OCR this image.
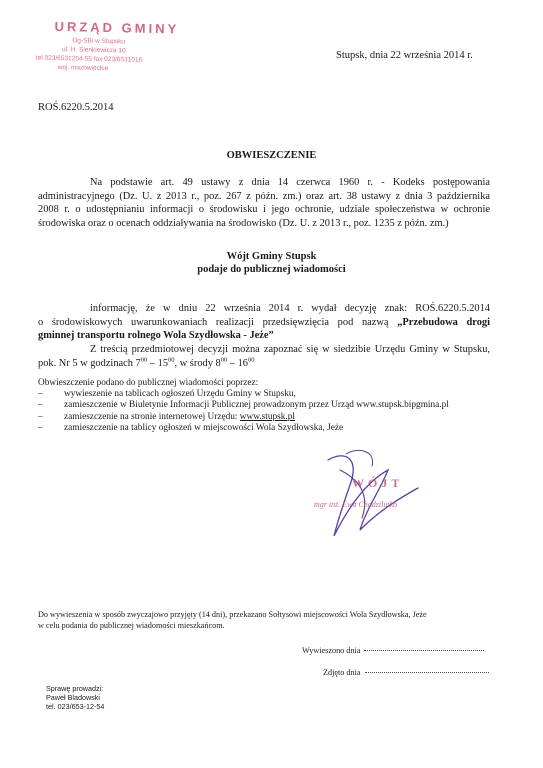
URZĄD GMINY
Og-SBi w Stupsku
ul. H. Sienkiewicza 10
tel 023/6531254-55 fax 023/6531016
woj. mazowieckie
Stupsk, dnia 22 września 2014 r.
ROŚ.6220.5.2014
OBWIESZCZENIE
Na podstawie art. 49 ustawy z dnia 14 czerwca 1960 r. - Kodeks postępowania
administracyjnego (Dz. U. z 2013 r., poz. 267 z późn. zm.) oraz art. 38 ustawy z dnia 3 października
2008 r. o udostępnianiu informacji o środowisku i jego ochronie, udziale społeczeństwa w ochronie
środowiska oraz o ocenach oddziaływania na środowisko (Dz. U. z 2013 r., poz. 1235 z późn. zm.)
Wójt Gminy Stupsk
podaje do publicznej wiadomości
informację, że w dniu 22 września 2014 r. wydał decyzję znak: ROŚ.6220.5.2014
o środowiskowych uwarunkowaniach realizacji przedsięwzięcia pod nazwą „Przebudowa drogi
gminnej transportu rolnego Wola Szydłowska - Jeże”
Z treścią przedmiotowej decyzji można zapoznać się w siedzibie Urzędu Gminy w Stupsku,
pok. Nr 5 w godzinach $7^{00} - 15^{00}$, w środy $8^{00} - 16^{00}$
Obwieszczenie podano do publicznej wiadomości poprzez:
– wywieszenie na tablicach ogłoszeń Urzędu Gminy w Stupsku,
– zamieszczenie w Biuletynie Informacji Publicznej prowadzonym przez Urząd www.stupsk.bipgmina.pl
– zamieszczenie na stronie internetowej Urzędu: www.stupsk.pl
– zamieszczenie na tablicy ogłoszeń w miejscowości Wola Szydłowska, Jeże
WÓJT
mgr inż. Ewa Chodzilutko
Do wywieszenia w sposób zwyczajowo przyjęty (14 dni), przekazano Sołtysowi miejscowości Wola Szydłowska, Jeże
w celu podania do publicznej wiadomości mieszkańcom.
Wywieszono dnia
Zdjęto dnia
Sprawę prowadzi:
Paweł Bladowski
tel. 023/653-12-54
